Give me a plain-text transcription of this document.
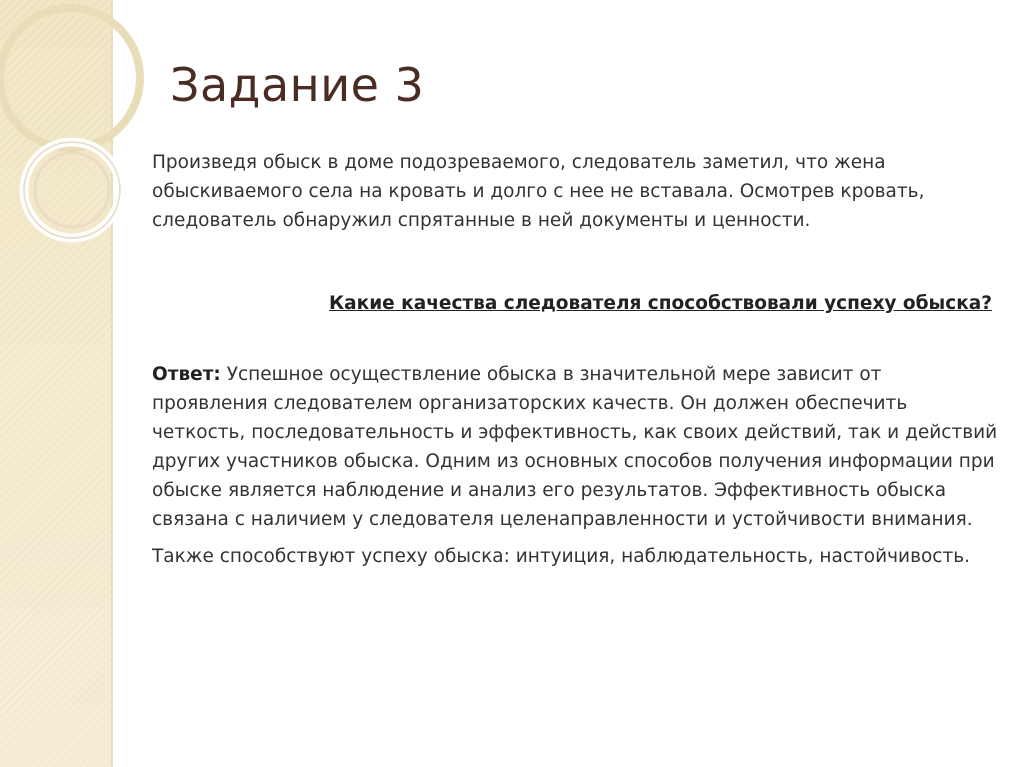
Задание 3

Произведя обыск в доме подозреваемого, следователь заметил, что жена обыскиваемого села на кровать и долго с нее не вставала. Осмотрев кровать, следователь обнаружил спрятанные в ней документы и ценности.

Какие качества следователя способствовали успеху обыска?

Ответ: Успешное осуществление обыска в значительной мере зависит от проявления следователем организаторских качеств. Он должен обеспечить четкость, последовательность и эффективность, как своих действий, так и действий других участников обыска. Одним из основных способов получения информации при обыске является наблюдение и анализ его результатов. Эффективность обыска связана с наличием у следователя целенаправленности и устойчивости внимания.

Также способствуют успеху обыска: интуиция, наблюдательность, настойчивость.
